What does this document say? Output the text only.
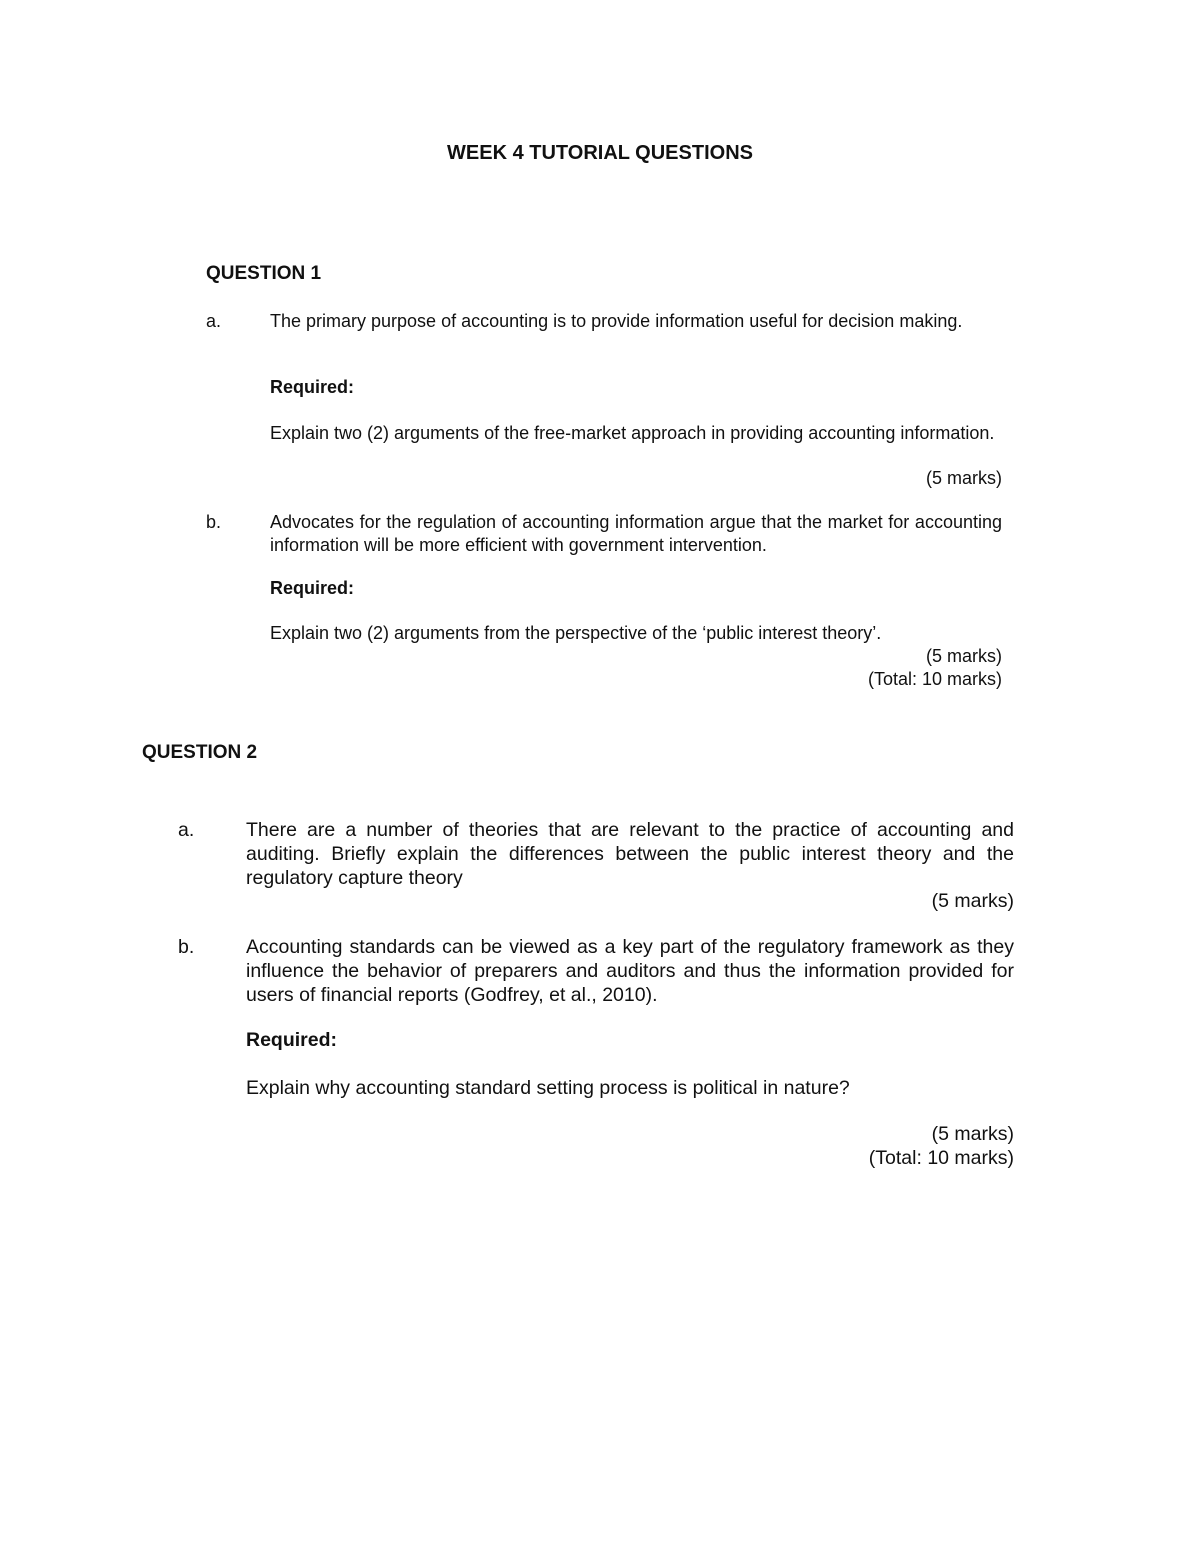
WEEK 4 TUTORIAL QUESTIONS
QUESTION 1
a.	The primary purpose of accounting is to provide information useful for decision making.
Required:
Explain two (2) arguments of the free-market approach in providing accounting information.
(5 marks)
b.	Advocates for the regulation of accounting information argue that the market for accounting information will be more efficient with government intervention.
Required:
Explain two (2) arguments from the perspective of the ‘public interest theory’.
(5 marks)
(Total: 10 marks)
QUESTION 2
a.	There are a number of theories that are relevant to the practice of accounting and auditing. Briefly explain the differences between the public interest theory and the regulatory capture theory
(5 marks)
b.	Accounting standards can be viewed as a key part of the regulatory framework as they influence the behavior of preparers and auditors and thus the information provided for users of financial reports (Godfrey, et al., 2010).
Required:
Explain why accounting standard setting process is political in nature?
(5 marks)
(Total: 10 marks)
